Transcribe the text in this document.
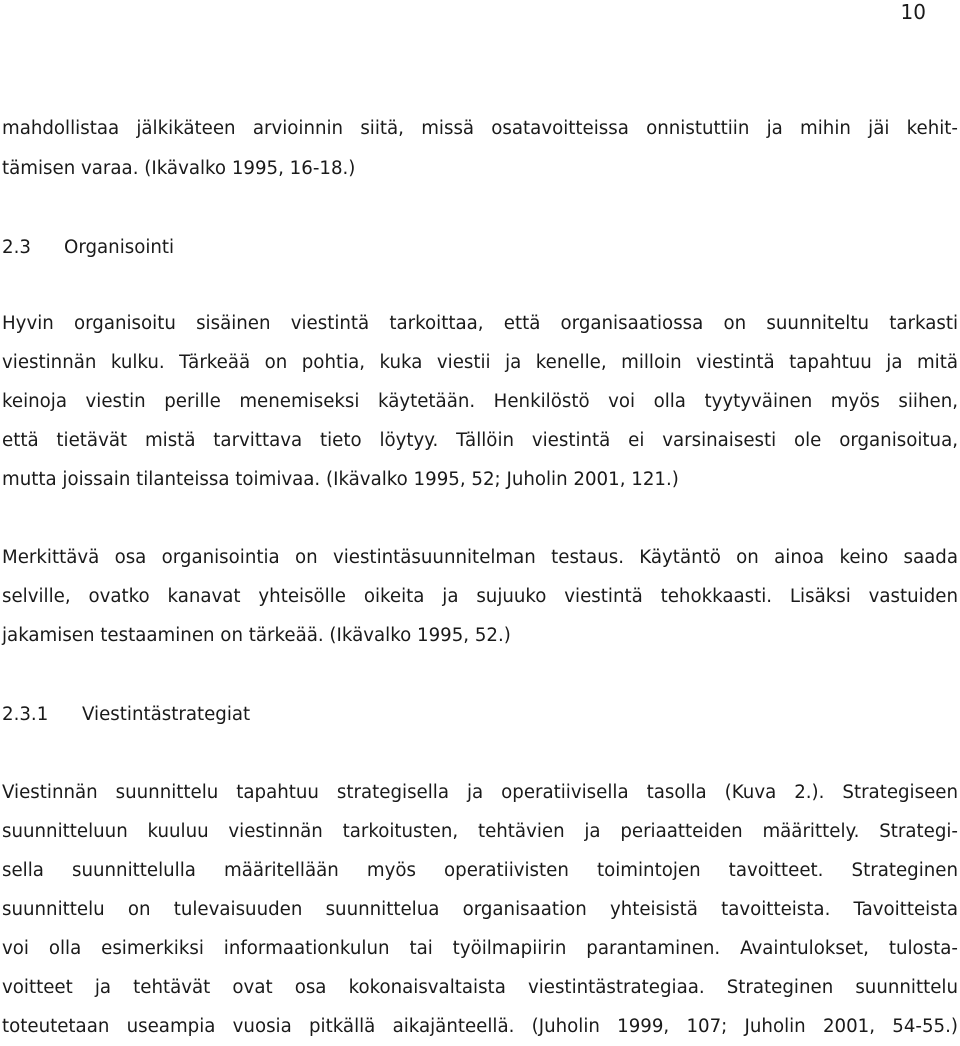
10
mahdollistaa jälkikäteen arvioinnin siitä, missä osatavoitteissa onnistuttiin ja mihin jäi kehit-
tämisen varaa. (Ikävalko 1995, 16-18.)
2.3 Organisointi
Hyvin organisoitu sisäinen viestintä tarkoittaa, että organisaatiossa on suunniteltu tarkasti
viestinnän kulku. Tärkeää on pohtia, kuka viestii ja kenelle, milloin viestintä tapahtuu ja mitä
keinoja viestin perille menemiseksi käytetään. Henkilöstö voi olla tyytyväinen myös siihen,
että tietävät mistä tarvittava tieto löytyy. Tällöin viestintä ei varsinaisesti ole organisoitua,
mutta joissain tilanteissa toimivaa. (Ikävalko 1995, 52; Juholin 2001, 121.)
Merkittävä osa organisointia on viestintäsuunnitelman testaus. Käytäntö on ainoa keino saada
selville, ovatko kanavat yhteisölle oikeita ja sujuuko viestintä tehokkaasti. Lisäksi vastuiden
jakamisen testaaminen on tärkeää. (Ikävalko 1995, 52.)
2.3.1 Viestintästrategiat
Viestinnän suunnittelu tapahtuu strategisella ja operatiivisella tasolla (Kuva 2.). Strategiseen
suunnitteluun kuuluu viestinnän tarkoitusten, tehtävien ja periaatteiden määrittely. Strategi-
sella suunnittelulla määritellään myös operatiivisten toimintojen tavoitteet. Strateginen
suunnittelu on tulevaisuuden suunnittelua organisaation yhteisistä tavoitteista. Tavoitteista
voi olla esimerkiksi informaationkulun tai työilmapiirin parantaminen. Avaintulokset, tulosta-
voitteet ja tehtävät ovat osa kokonaisvaltaista viestintästrategiaa. Strateginen suunnittelu
toteutetaan useampia vuosia pitkällä aikajänteellä. (Juholin 1999, 107; Juholin 2001, 54-55.)
